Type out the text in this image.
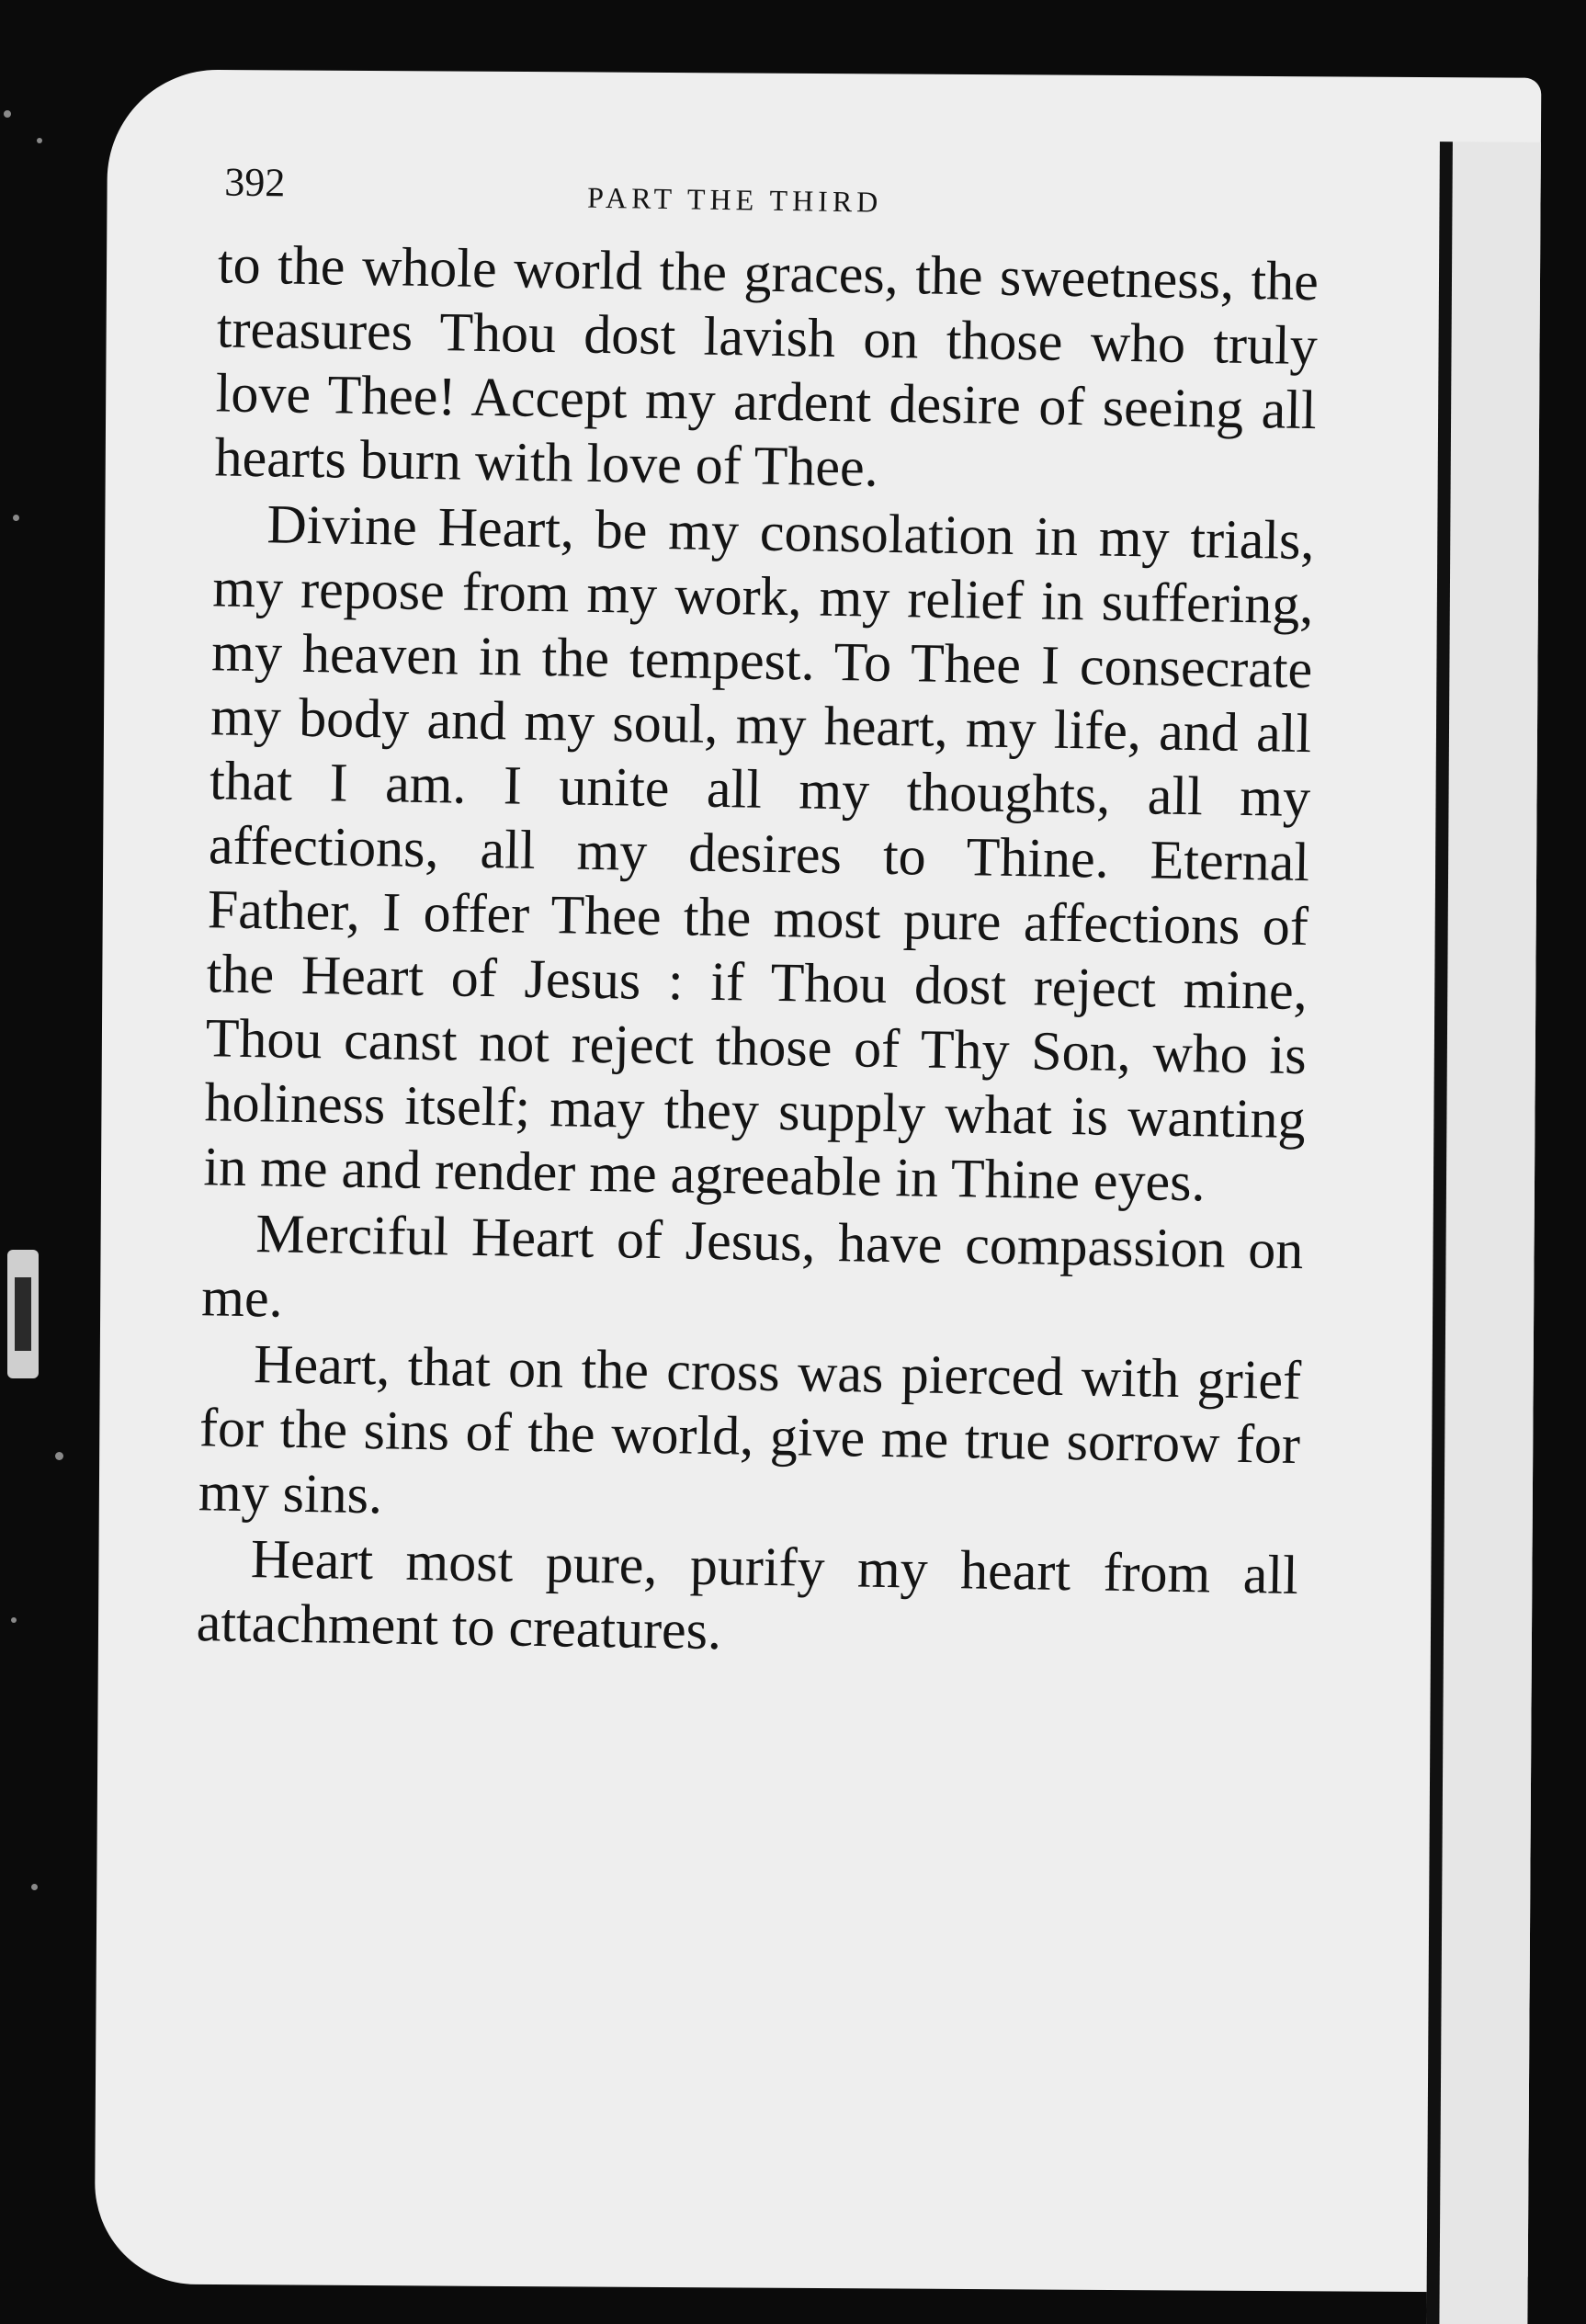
392	PART THE THIRD

to the whole world the graces, the sweetness, the treasures Thou dost lavish on those who truly love Thee! Accept my ardent desire of seeing all hearts burn with love of Thee.

Divine Heart, be my consolation in my trials, my repose from my work, my relief in suffering, my heaven in the tempest. To Thee I consecrate my body and my soul, my heart, my life, and all that I am. I unite all my thoughts, all my affections, all my desires to Thine. Eternal Father, I offer Thee the most pure affections of the Heart of Jesus : if Thou dost reject mine, Thou canst not reject those of Thy Son, who is holiness itself; may they supply what is wanting in me and render me agreeable in Thine eyes.

Merciful Heart of Jesus, have compassion on me.

Heart, that on the cross was pierced with grief for the sins of the world, give me true sorrow for my sins.

Heart most pure, purify my heart from all attachment to creatures.
